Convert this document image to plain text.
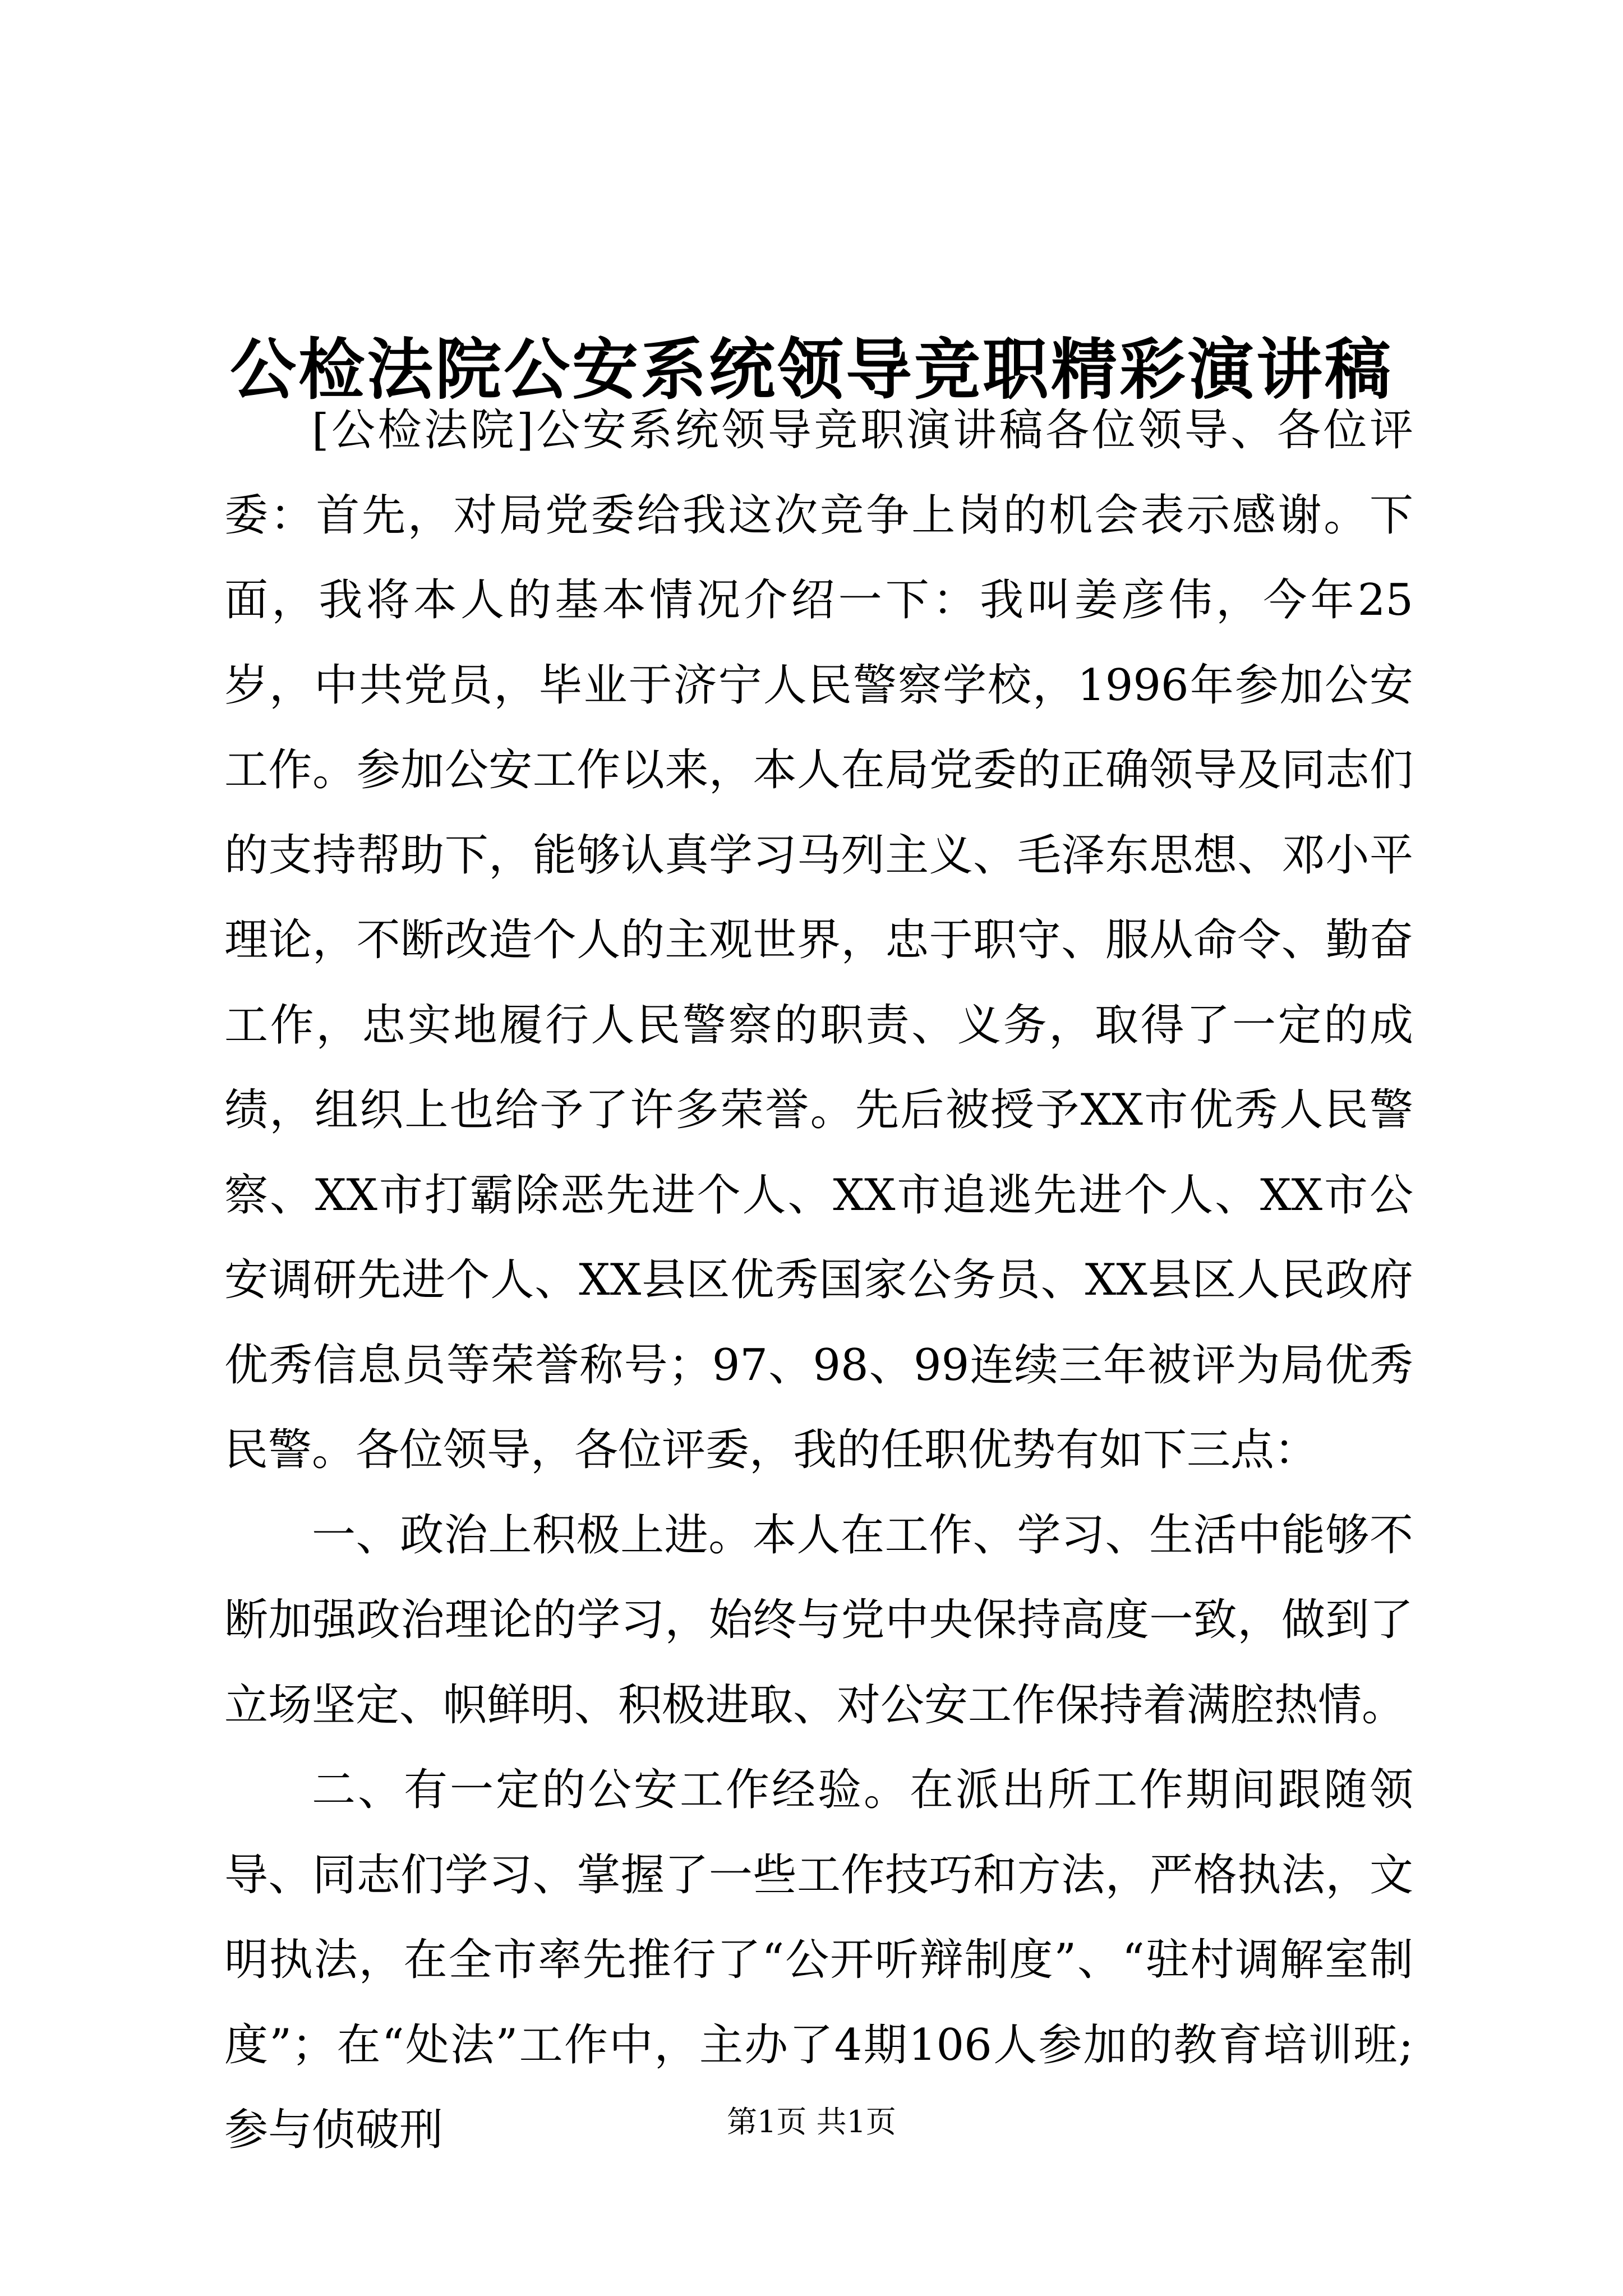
公检法院公安系统领导竞职精彩演讲稿

[公检法院]公安系统领导竞职演讲稿各位领导、各位评委：首先，对局党委给我这次竞争上岗的机会表示感谢。下面，我将本人的基本情况介绍一下：我叫姜彦伟，今年25岁，中共党员，毕业于济宁人民警察学校，1996年参加公安工作。参加公安工作以来，本人在局党委的正确领导及同志们的支持帮助下，能够认真学习马列主义、毛泽东思想、邓小平理论，不断改造个人的主观世界，忠于职守、服从命令、勤奋工作，忠实地履行人民警察的职责、义务，取得了一定的成绩，组织上也给予了许多荣誉。先后被授予XX市优秀人民警察、XX市打霸除恶先进个人、XX市追逃先进个人、XX市公安调研先进个人、XX县区优秀国家公务员、XX县区人民政府优秀信息员等荣誉称号；97、98、99连续三年被评为局优秀民警。各位领导，各位评委，我的任职优势有如下三点：

一、政治上积极上进。本人在工作、学习、生活中能够不断加强政治理论的学习，始终与党中央保持高度一致，做到了立场坚定、帜鲜明、积极进取、对公安工作保持着满腔热情。

二、有一定的公安工作经验。在派出所工作期间跟随领导、同志们学习、掌握了一些工作技巧和方法，严格执法，文明执法，在全市率先推行了“公开听辩制度”、“驻村调解室制度”；在“处法”工作中，主办了4期106人参加的教育培训班;参与侦破刑	第1页 共1页
